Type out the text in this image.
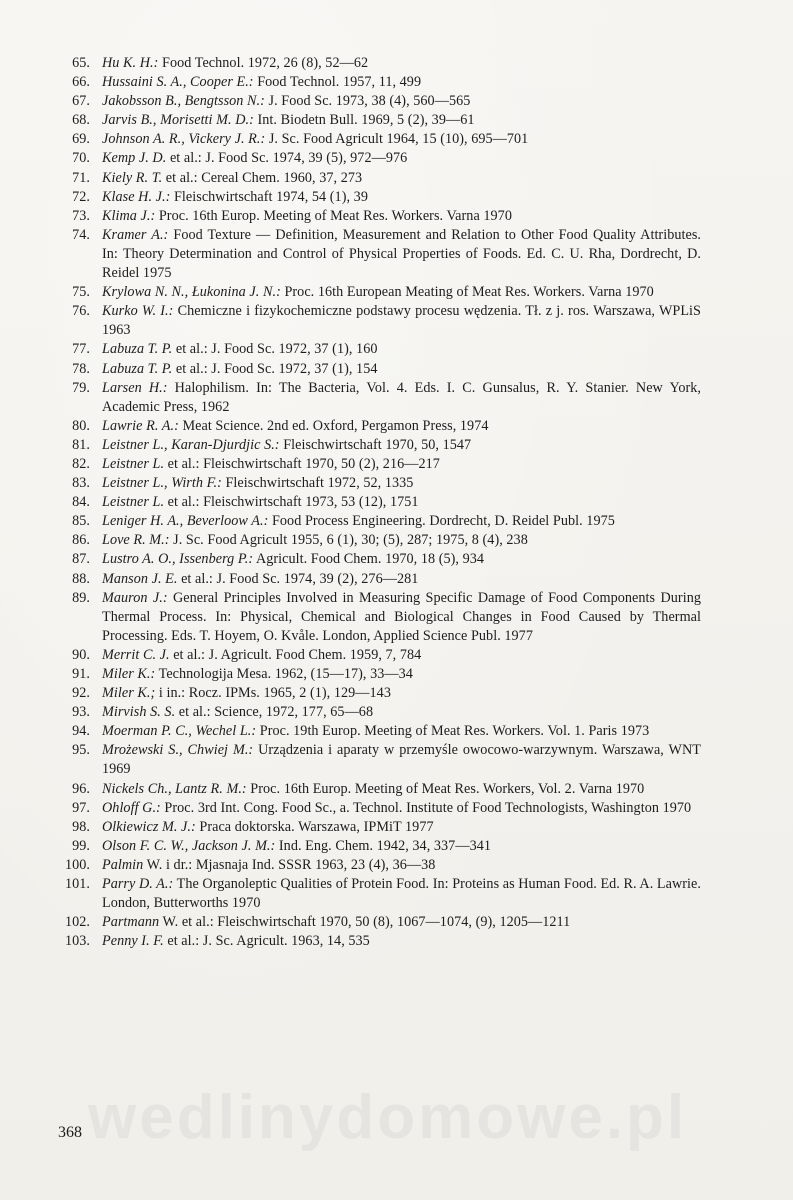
65. Hu K. H.: Food Technol. 1972, 26 (8), 52—62
66. Hussaini S. A., Cooper E.: Food Technol. 1957, 11, 499
67. Jakobsson B., Bengtsson N.: J. Food Sc. 1973, 38 (4), 560—565
68. Jarvis B., Morisetti M. D.: Int. Biodetn Bull. 1969, 5 (2), 39—61
69. Johnson A. R., Vickery J. R.: J. Sc. Food Agricult 1964, 15 (10), 695—701
70. Kemp J. D. et al.: J. Food Sc. 1974, 39 (5), 972—976
71. Kiely R. T. et al.: Cereal Chem. 1960, 37, 273
72. Klase H. J.: Fleischwirtschaft 1974, 54 (1), 39
73. Klima J.: Proc. 16th Europ. Meeting of Meat Res. Workers. Varna 1970
74. Kramer A.: Food Texture — Definition, Measurement and Relation to Other Food Quality Attributes. In: Theory Determination and Control of Physical Properties of Foods. Ed. C. U. Rha, Dordrecht, D. Reidel 1975
75. Krylowa N. N., Łukonina J. N.: Proc. 16th European Meating of Meat Res. Workers. Varna 1970
76. Kurko W. I.: Chemiczne i fizykochemiczne podstawy procesu wędzenia. Tł. z j. ros. Warszawa, WPLiS 1963
77. Labuza T. P. et al.: J. Food Sc. 1972, 37 (1), 160
78. Labuza T. P. et al.: J. Food Sc. 1972, 37 (1), 154
79. Larsen H.: Halophilism. In: The Bacteria, Vol. 4. Eds. I. C. Gunsalus, R. Y. Stanier. New York, Academic Press, 1962
80. Lawrie R. A.: Meat Science. 2nd ed. Oxford, Pergamon Press, 1974
81. Leistner L., Karan-Djurdjic S.: Fleischwirtschaft 1970, 50, 1547
82. Leistner L. et al.: Fleischwirtschaft 1970, 50 (2), 216—217
83. Leistner L., Wirth F.: Fleischwirtschaft 1972, 52, 1335
84. Leistner L. et al.: Fleischwirtschaft 1973, 53 (12), 1751
85. Leniger H. A., Beverloow A.: Food Process Engineering. Dordrecht, D. Reidel Publ. 1975
86. Love R. M.: J. Sc. Food Agricult 1955, 6 (1), 30; (5), 287; 1975, 8 (4), 238
87. Lustro A. O., Issenberg P.: Agricult. Food Chem. 1970, 18 (5), 934
88. Manson J. E. et al.: J. Food Sc. 1974, 39 (2), 276—281
89. Mauron J.: General Principles Involved in Measuring Specific Damage of Food Components During Thermal Process. In: Physical, Chemical and Biological Changes in Food Caused by Thermal Processing. Eds. T. Hoyem, O. Kvåle. London, Applied Science Publ. 1977
90. Merrit C. J. et al.: J. Agricult. Food Chem. 1959, 7, 784
91. Miler K.: Technologija Mesa. 1962, (15—17), 33—34
92. Miler K.; i in.: Rocz. IPMs. 1965, 2 (1), 129—143
93. Mirvish S. S. et al.: Science, 1972, 177, 65—68
94. Moerman P. C., Wechel L.: Proc. 19th Europ. Meeting of Meat Res. Workers. Vol. 1. Paris 1973
95. Mrożewski S., Chwiej M.: Urządzenia i aparaty w przemyśle owocowo-warzywnym. Warszawa, WNT 1969
96. Nickels Ch., Lantz R. M.: Proc. 16th Europ. Meeting of Meat Res. Workers, Vol. 2. Varna 1970
97. Ohloff G.: Proc. 3rd Int. Cong. Food Sc., a. Technol. Institute of Food Technologists, Washington 1970
98. Olkiewicz M. J.: Praca doktorska. Warszawa, IPMiT 1977
99. Olson F. C. W., Jackson J. M.: Ind. Eng. Chem. 1942, 34, 337—341
100. Palmin W. i dr.: Mjasnaja Ind. SSSR 1963, 23 (4), 36—38
101. Parry D. A.: The Organoleptic Qualities of Protein Food. In: Proteins as Human Food. Ed. R. A. Lawrie. London, Butterworths 1970
102. Partmann W. et al.: Fleischwirtschaft 1970, 50 (8), 1067—1074, (9), 1205—1211
103. Penny I. F. et al.: J. Sc. Agricult. 1963, 14, 535
wedlinydomowe.pl
368
